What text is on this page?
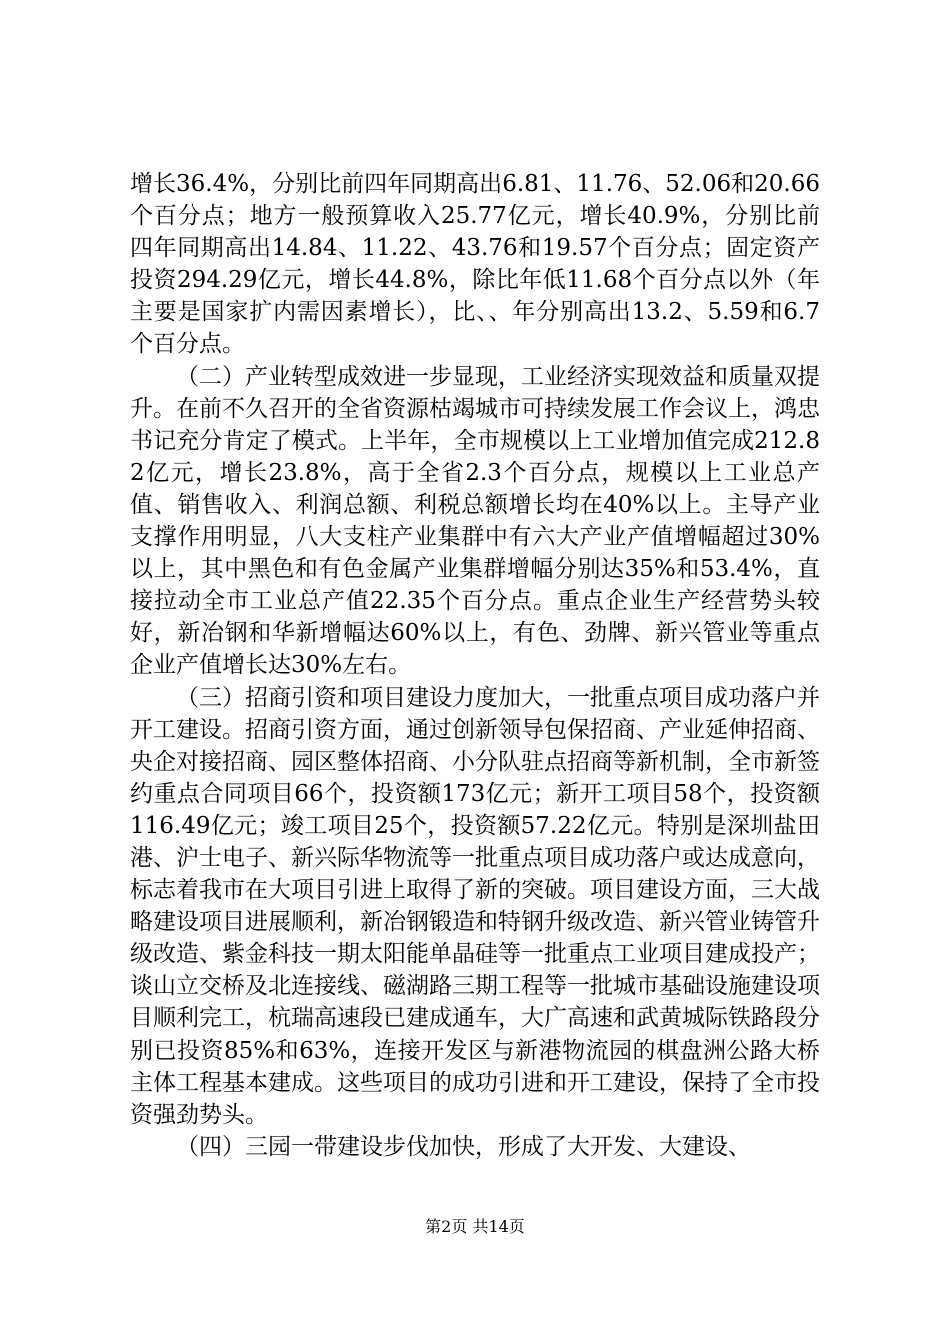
增长36.4%，分别比前四年同期高出6.81、11.76、52.06和20.66个百分点；地方一般预算收入25.77亿元，增长40.9%，分别比前四年同期高出14.84、11.22、43.76和19.57个百分点；固定资产投资294.29亿元，增长44.8%，除比年低11.68个百分点以外（年主要是国家扩内需因素增长），比、、年分别高出13.2、5.59和6.7个百分点。

（二）产业转型成效进一步显现，工业经济实现效益和质量双提升。在前不久召开的全省资源枯竭城市可持续发展工作会议上，鸿忠书记充分肯定了模式。上半年，全市规模以上工业增加值完成212.82亿元，增长23.8%，高于全省2.3个百分点，规模以上工业总产值、销售收入、利润总额、利税总额增长均在40%以上。主导产业支撑作用明显，八大支柱产业集群中有六大产业产值增幅超过30%以上，其中黑色和有色金属产业集群增幅分别达35%和53.4%，直接拉动全市工业总产值22.35个百分点。重点企业生产经营势头较好，新冶钢和华新增幅达60%以上，有色、劲牌、新兴管业等重点企业产值增长达30%左右。

（三）招商引资和项目建设力度加大，一批重点项目成功落户并开工建设。招商引资方面，通过创新领导包保招商、产业延伸招商、央企对接招商、园区整体招商、小分队驻点招商等新机制，全市新签约重点合同项目66个，投资额173亿元；新开工项目58个，投资额116.49亿元；竣工项目25个，投资额57.22亿元。特别是深圳盐田港、沪士电子、新兴际华物流等一批重点项目成功落户或达成意向，标志着我市在大项目引进上取得了新的突破。项目建设方面，三大战略建设项目进展顺利，新冶钢锻造和特钢升级改造、新兴管业铸管升级改造、紫金科技一期太阳能单晶硅等一批重点工业项目建成投产；谈山立交桥及北连接线、磁湖路三期工程等一批城市基础设施建设项目顺利完工，杭瑞高速段已建成通车，大广高速和武黄城际铁路段分别已投资85%和63%，连接开发区与新港物流园的棋盘洲公路大桥主体工程基本建成。这些项目的成功引进和开工建设，保持了全市投资强劲势头。

（四）三园一带建设步伐加快，形成了大开发、大建设、

第2页 共14页
